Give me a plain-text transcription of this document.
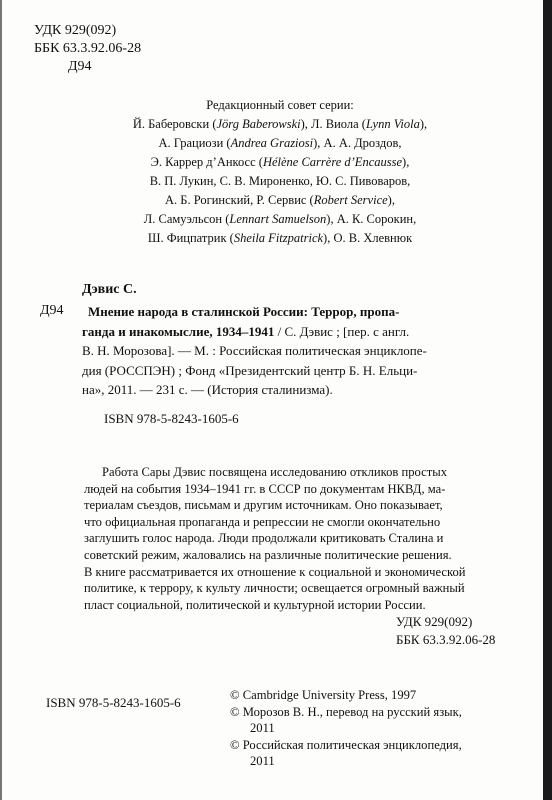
УДК 929(092)
ББК 63.3.92.06-28
Д94
Редакционный совет серии:
Й. Баберовски (Jörg Baberowski), Л. Виола (Lynn Viola),
А. Грациози (Andrea Graziosi), А. А. Дроздов,
Э. Каррер д’Анкосс (Hélène Carrère d’Encausse),
В. П. Лукин, С. В. Мироненко, Ю. С. Пивоваров,
А. Б. Рогинский, Р. Сервис (Robert Service),
Л. Самуэльсон (Lennart Samuelson), А. К. Сорокин,
Ш. Фицпатрик (Sheila Fitzpatrick), О. В. Хлевнюк
Д94
Дэвис С.
Мнение народа в сталинской России: Террор, пропа-
ганда и инакомыслие, 1934–1941 / С. Дэвис ; [пер. с англ.
В. Н. Морозова]. — М. : Российская политическая энциклопе-
дия (РОССПЭН) ; Фонд «Президентский центр Б. Н. Ельци-
на», 2011. — 231 с. — (История сталинизма).
ISBN 978-5-8243-1605-6
Работа Сары Дэвис посвящена исследованию откликов простых
людей на события 1934–1941 гг. в СССР по документам НКВД, ма-
териалам съездов, письмам и другим источникам. Оно показывает,
что официальная пропаганда и репрессии не смогли окончательно
заглушить голос народа. Люди продолжали критиковать Сталина и
советский режим, жаловались на различные политические решения.
В книге рассматривается их отношение к социальной и экономической
политике, к террору, к культу личности; освещается огромный важный
пласт социальной, политической и культурной истории России.
УДК 929(092)
ББК 63.3.92.06-28
ISBN 978-5-8243-1605-6	© Cambridge University Press, 1997
© Морозов В. Н., перевод на русский язык,
2011
© Российская политическая энциклопедия,
2011
